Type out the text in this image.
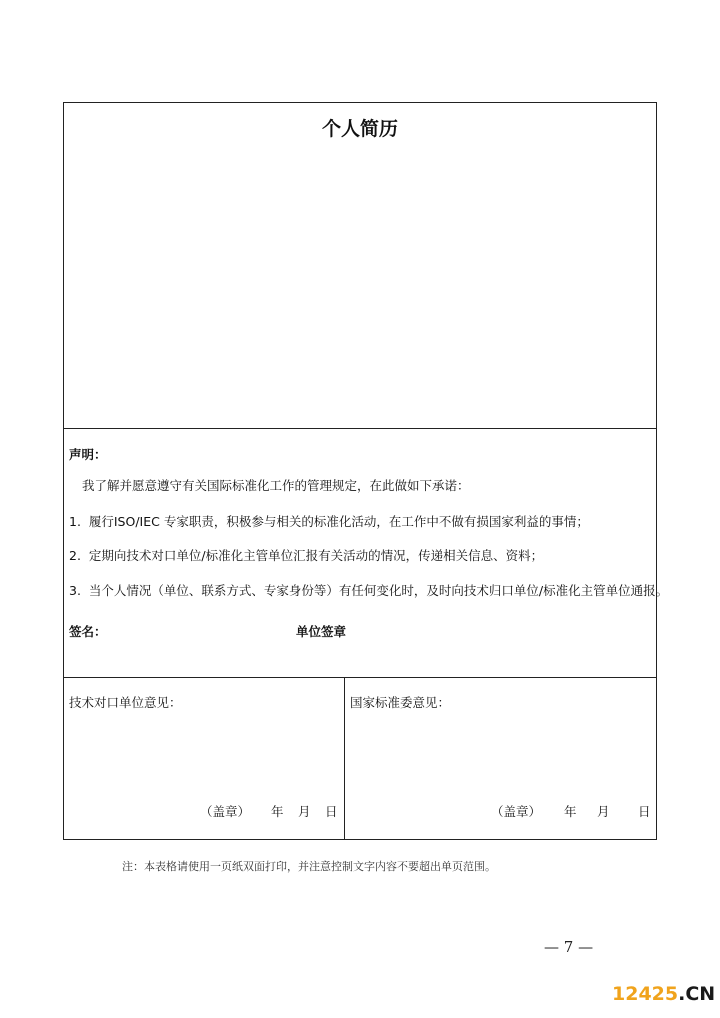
个人简历
声明：
我了解并愿意遵守有关国际标准化工作的管理规定，在此做如下承诺：
1.  履行ISO/IEC 专家职责，积极参与相关的标准化活动，在工作中不做有损国家利益的事情；
2.  定期向技术对口单位/标准化主管单位汇报有关活动的情况，传递相关信息、资料；
3.  当个人情况（单位、联系方式、专家身份等）有任何变化时，及时向技术归口单位/标准化主管单位通报。
签名：	单位签章
技术对口单位意见：
（盖章） 年 月 日
国家标准委意见：
（盖章） 年 月 日
注：本表格请使用一页纸双面打印，并注意控制文字内容不要超出单页范围。
— 7 —
12425.CN
